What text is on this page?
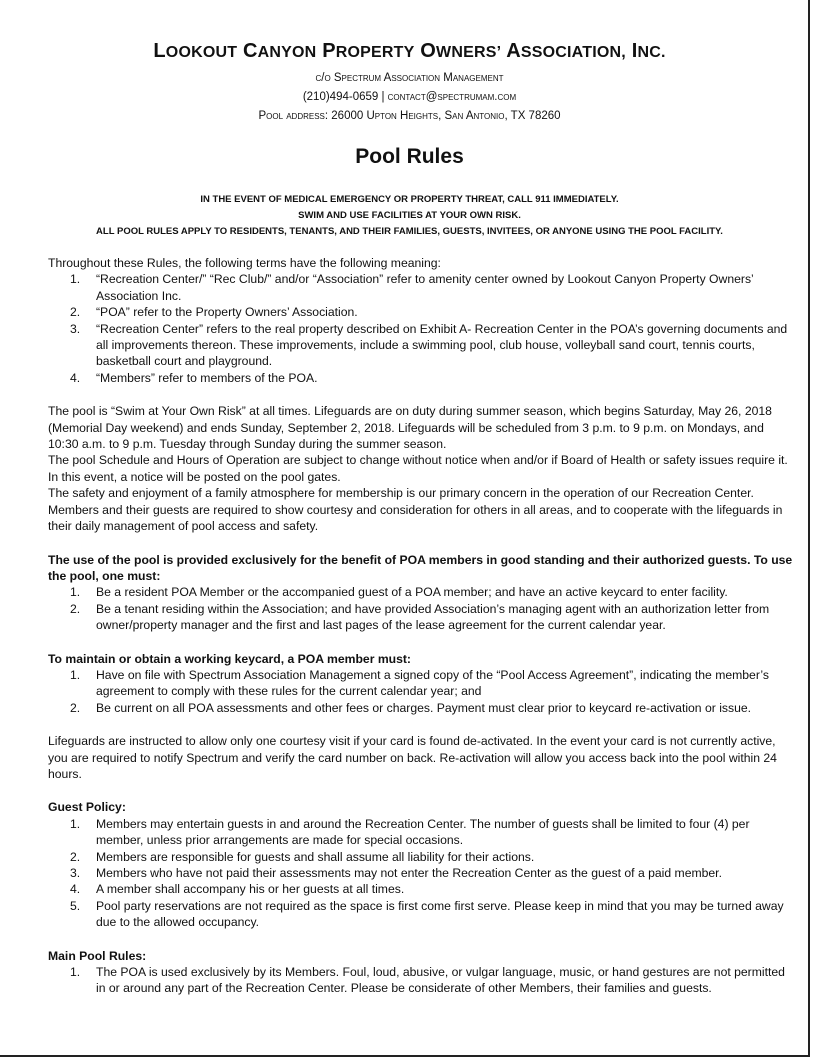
LOOKOUT CANYON PROPERTY OWNERS’ ASSOCIATION, INC.
c/o Spectrum Association Management
(210)494-0659 | contact@spectrumam.com
Pool address: 26000 Upton Heights, San Antonio, TX 78260
Pool Rules
IN THE EVENT OF MEDICAL EMERGENCY OR PROPERTY THREAT, CALL 911 IMMEDIATELY.
SWIM AND USE FACILITIES AT YOUR OWN RISK.
ALL POOL RULES APPLY TO RESIDENTS, TENANTS, AND THEIR FAMILIES, GUESTS, INVITEES, OR ANYONE USING THE POOL FACILITY.

Throughout these Rules, the following terms have the following meaning:

1. “Recreation Center/” “Rec Club/” and/or “Association” refer to amenity center owned by Lookout Canyon Property Owners’ Association Inc.
2. “POA” refer to the Property Owners’ Association.
3. “Recreation Center” refers to the real property described on Exhibit A- Recreation Center in the POA’s governing documents and all improvements thereon. These improvements, include a swimming pool, club house, volleyball sand court, tennis courts, basketball court and playground.
4. “Members” refer to members of the POA.

The pool is “Swim at Your Own Risk” at all times. Lifeguards are on duty during summer season, which begins Saturday, May 26, 2018 (Memorial Day weekend) and ends Sunday, September 2, 2018. Lifeguards will be scheduled from 3 p.m. to 9 p.m. on Mondays, and 10:30 a.m. to 9 p.m. Tuesday through Sunday during the summer season.

The pool Schedule and Hours of Operation are subject to change without notice when and/or if Board of Health or safety issues require it. In this event, a notice will be posted on the pool gates.

The safety and enjoyment of a family atmosphere for membership is our primary concern in the operation of our Recreation Center. Members and their guests are required to show courtesy and consideration for others in all areas, and to cooperate with the lifeguards in their daily management of pool access and safety.

The use of the pool is provided exclusively for the benefit of POA members in good standing and their authorized guests. To use the pool, one must:

1. Be a resident POA Member or the accompanied guest of a POA member; and have an active keycard to enter facility.
2. Be a tenant residing within the Association; and have provided Association’s managing agent with an authorization letter from owner/property manager and the first and last pages of the lease agreement for the current calendar year.

To maintain or obtain a working keycard, a POA member must:

1. Have on file with Spectrum Association Management a signed copy of the “Pool Access Agreement”, indicating the member’s agreement to comply with these rules for the current calendar year; and
2. Be current on all POA assessments and other fees or charges. Payment must clear prior to keycard re-activation or issue.

Lifeguards are instructed to allow only one courtesy visit if your card is found de-activated. In the event your card is not currently active, you are required to notify Spectrum and verify the card number on back. Re-activation will allow you access back into the pool within 24 hours.

Guest Policy:

1. Members may entertain guests in and around the Recreation Center. The number of guests shall be limited to four (4) per member, unless prior arrangements are made for special occasions.
2. Members are responsible for guests and shall assume all liability for their actions.
3. Members who have not paid their assessments may not enter the Recreation Center as the guest of a paid member.
4. A member shall accompany his or her guests at all times.
5. Pool party reservations are not required as the space is first come first serve. Please keep in mind that you may be turned away due to the allowed occupancy.

Main Pool Rules:

1. The POA is used exclusively by its Members. Foul, loud, abusive, or vulgar language, music, or hand gestures are not permitted in or around any part of the Recreation Center. Please be considerate of other Members, their families and guests.
